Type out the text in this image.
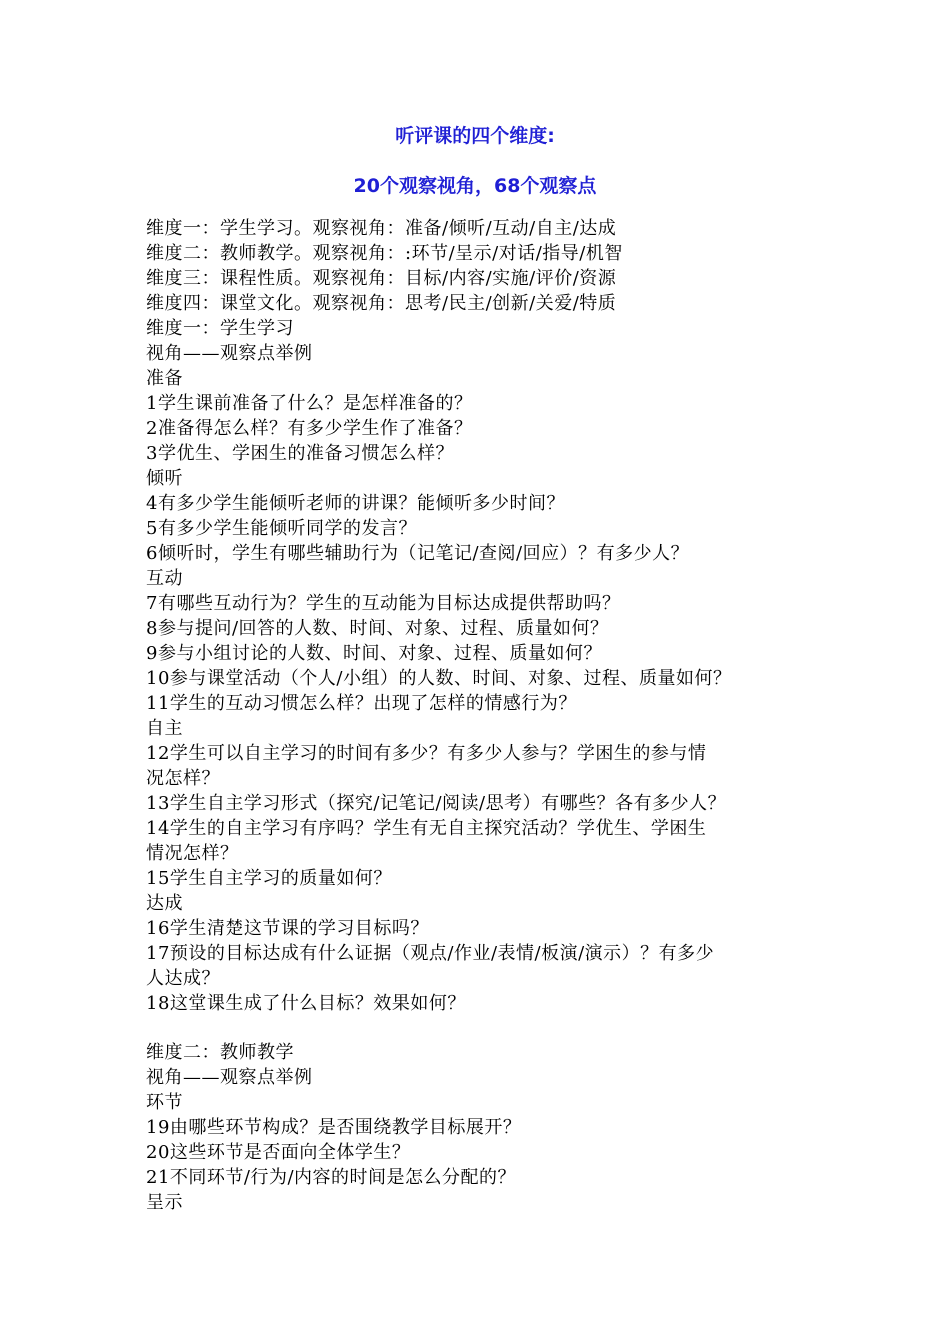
听评课的四个维度:
20个观察视角，68个观察点
维度一：学生学习。观察视角：准备/倾听/互动/自主/达成
维度二：教师教学。观察视角：:环节/呈示/对话/指导/机智
维度三：课程性质。观察视角：目标/内容/实施/评价/资源
维度四：课堂文化。观察视角：思考/民主/创新/关爱/特质
维度一：学生学习
视角——观察点举例
准备
1学生课前准备了什么？是怎样准备的？
2准备得怎么样？有多少学生作了准备？
3学优生、学困生的准备习惯怎么样？
倾听
4有多少学生能倾听老师的讲课？能倾听多少时间？
5有多少学生能倾听同学的发言？
6倾听时，学生有哪些辅助行为（记笔记/查阅/回应）？有多少人？
互动
7有哪些互动行为？学生的互动能为目标达成提供帮助吗？
8参与提问/回答的人数、时间、对象、过程、质量如何？
9参与小组讨论的人数、时间、对象、过程、质量如何？
10参与课堂活动（个人/小组）的人数、时间、对象、过程、质量如何？
11学生的互动习惯怎么样？出现了怎样的情感行为？
自主
12学生可以自主学习的时间有多少？有多少人参与？学困生的参与情
况怎样？
13学生自主学习形式（探究/记笔记/阅读/思考）有哪些？各有多少人？
14学生的自主学习有序吗？学生有无自主探究活动？学优生、学困生
情况怎样？
15学生自主学习的质量如何？
达成
16学生清楚这节课的学习目标吗？
17预设的目标达成有什么证据（观点/作业/表情/板演/演示）？有多少
人达成？
18这堂课生成了什么目标？效果如何？
维度二：教师教学
视角——观察点举例
环节
19由哪些环节构成？是否围绕教学目标展开？
20这些环节是否面向全体学生？
21不同环节/行为/内容的时间是怎么分配的？
呈示
